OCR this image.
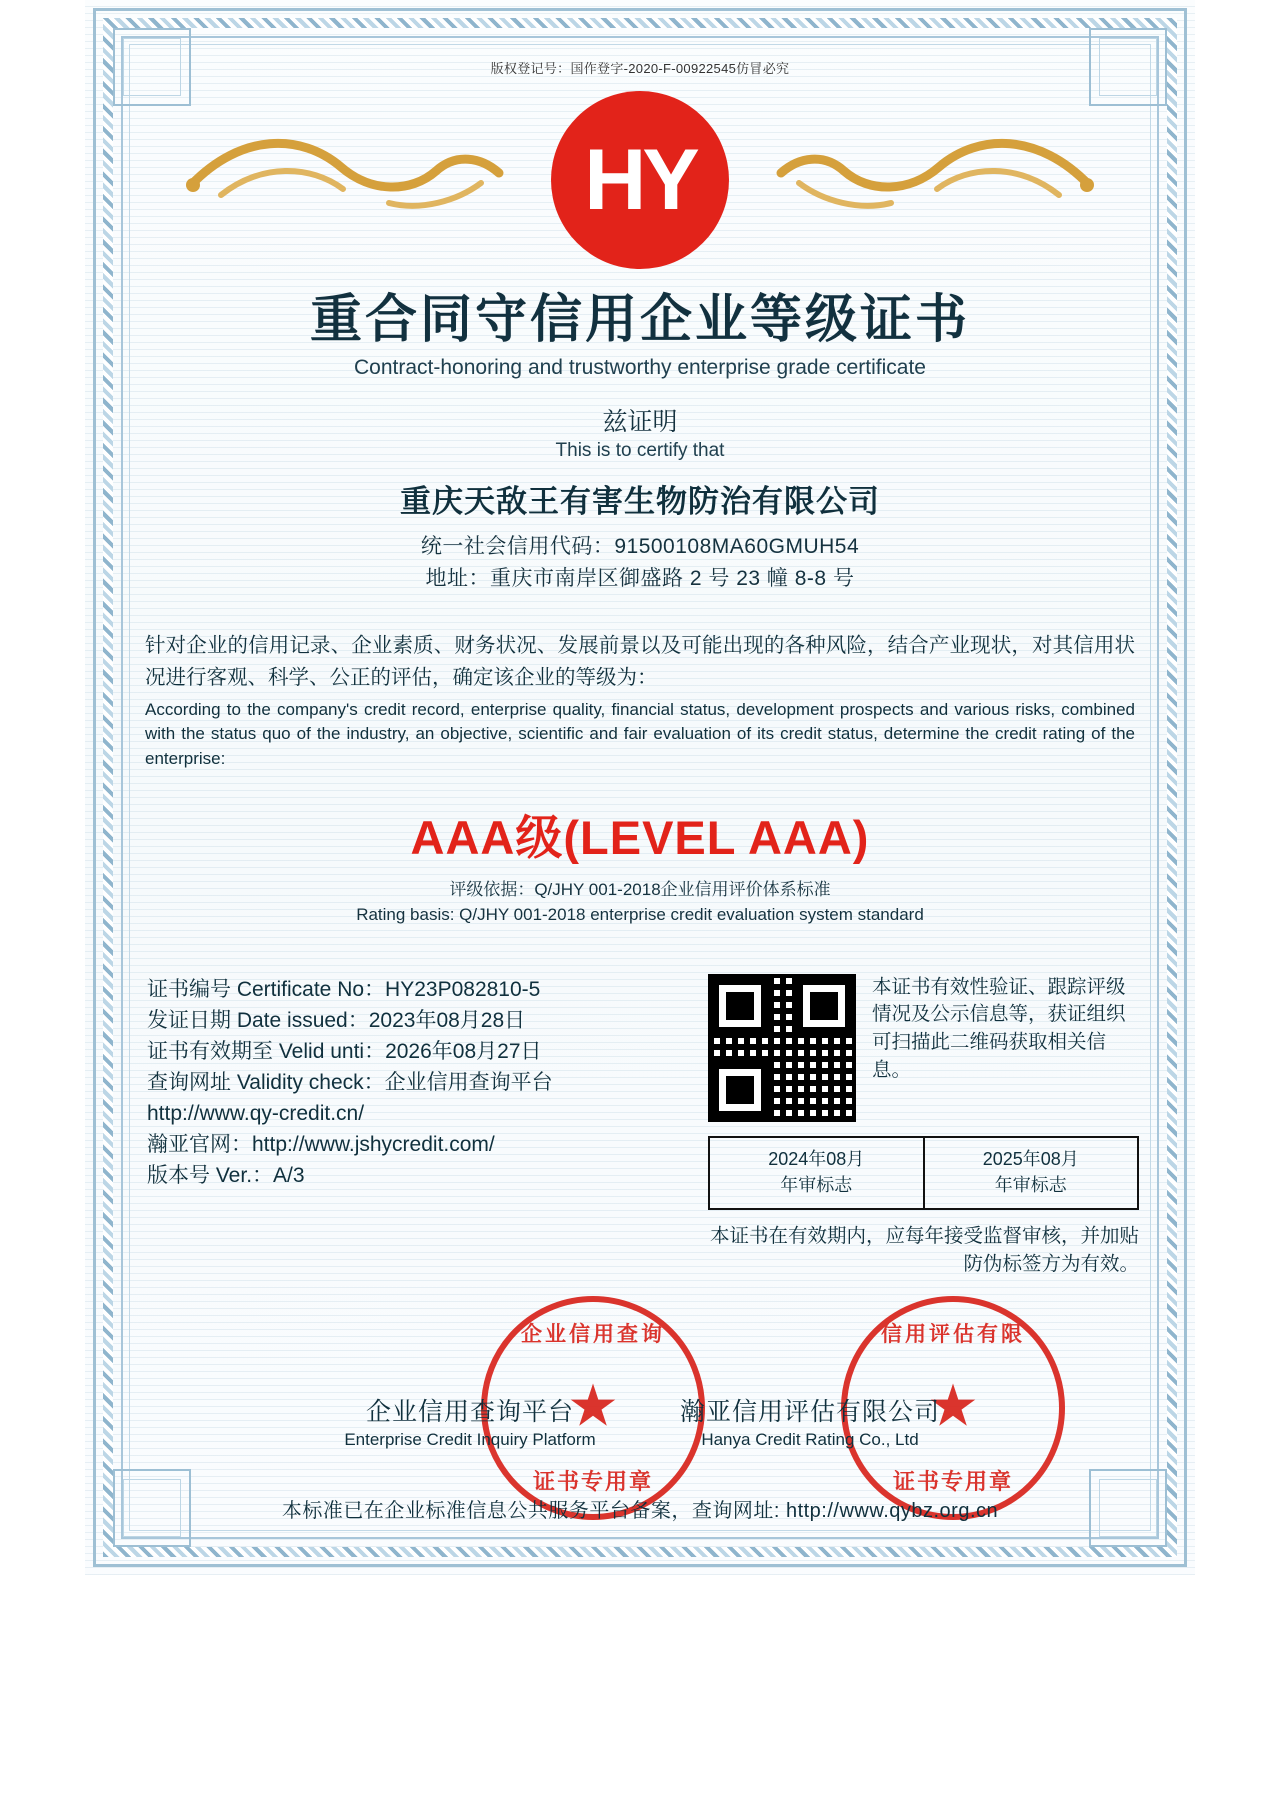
版权登记号：国作登字-2020-F-00922545仿冒必究
HY
重合同守信用企业等级证书
Contract-honoring and trustworthy enterprise grade certificate
兹证明
This is to certify that
重庆天敌王有害生物防治有限公司
统一社会信用代码：91500108MA60GMUH54
地址：重庆市南岸区御盛路 2 号 23 幢 8-8 号
针对企业的信用记录、企业素质、财务状况、发展前景以及可能出现的各种风险，结合产业现状，对其信用状况进行客观、科学、公正的评估，确定该企业的等级为：
According to the company's credit record, enterprise quality, financial status, development prospects and various risks, combined with the status quo of the industry, an objective, scientific and fair evaluation of its credit status, determine the credit rating of the enterprise:
AAA级(LEVEL AAA)
评级依据：Q/JHY 001-2018企业信用评价体系标准
Rating basis: Q/JHY 001-2018 enterprise credit evaluation system standard
证书编号 Certificate No：HY23P082810-5
发证日期 Date issued：2023年08月28日
证书有效期至 Velid unti：2026年08月27日
查询网址 Validity check：企业信用查询平台
http://www.qy-credit.cn/
瀚亚官网：http://www.jshycredit.com/
版本号 Ver.：A/3
本证书有效性验证、跟踪评级情况及公示信息等，获证组织可扫描此二维码获取相关信息。
2024年08月
年审标志
2025年08月
年审标志
本证书在有效期内，应每年接受监督审核，并加贴防伪标签方为有效。
企业信用查询
★
证书专用章
信用评估有限
★
证书专用章
企业信用查询平台
Enterprise Credit Inquiry Platform
瀚亚信用评估有限公司
Hanya Credit Rating Co., Ltd
本标准已在企业标准信息公共服务平台备案，查询网址: http://www.qybz.org.cn
